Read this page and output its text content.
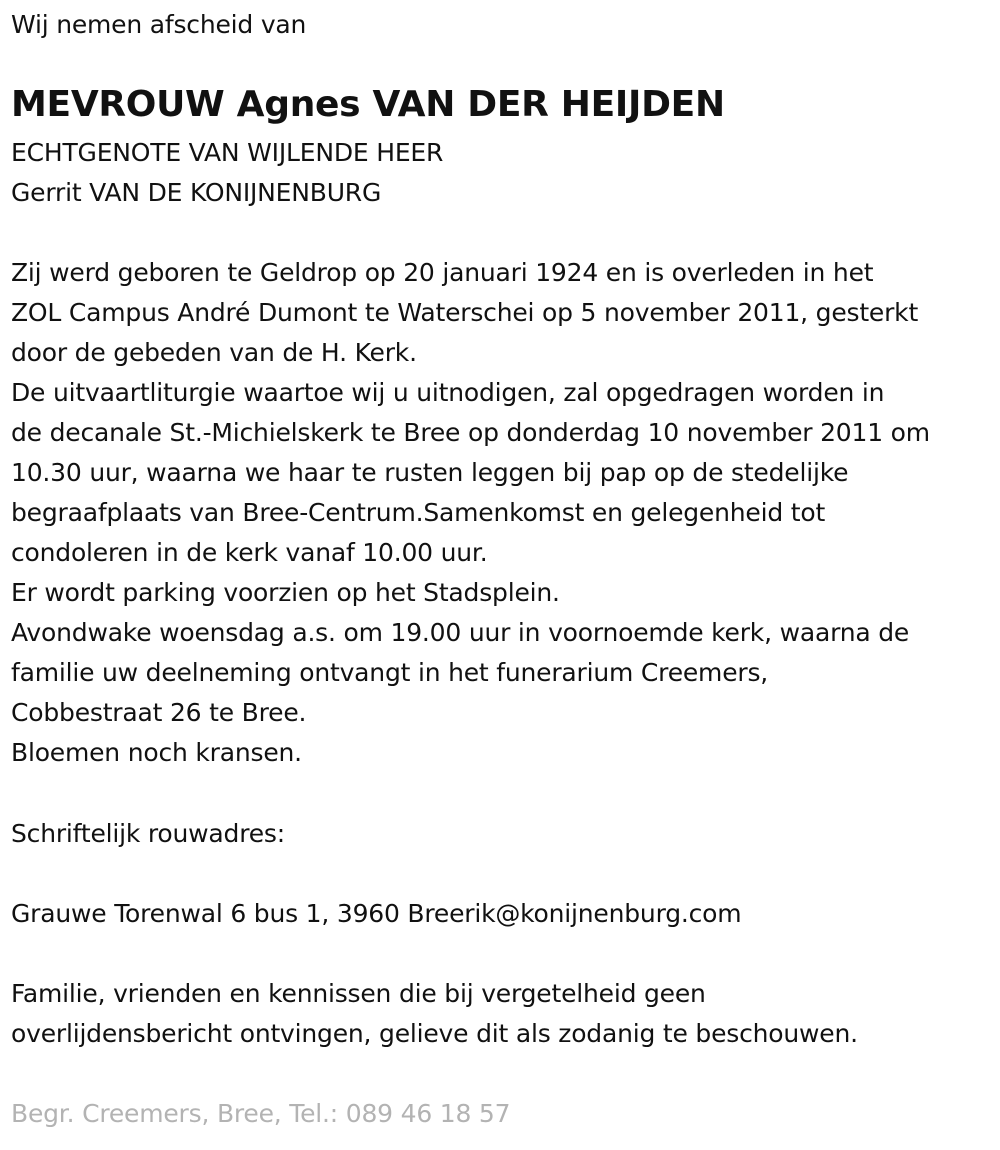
Wij nemen afscheid van
MEVROUW Agnes VAN DER HEIJDEN
ECHTGENOTE VAN WIJLENDE HEER
Gerrit VAN DE KONIJNENBURG
Zij werd geboren te Geldrop op 20 januari 1924 en is overleden in het
ZOL Campus André Dumont te Waterschei op 5 november 2011, gesterkt
door de gebeden van de H. Kerk.
De uitvaartliturgie waartoe wij u uitnodigen, zal opgedragen worden in
de decanale St.-Michielskerk te Bree op donderdag 10 november 2011 om
10.30 uur, waarna we haar te rusten leggen bij pap op de stedelijke
begraafplaats van Bree-Centrum.Samenkomst en gelegenheid tot
condoleren in de kerk vanaf 10.00 uur.
Er wordt parking voorzien op het Stadsplein.
Avondwake woensdag a.s. om 19.00 uur in voornoemde kerk, waarna de
familie uw deelneming ontvangt in het funerarium Creemers,
Cobbestraat 26 te Bree.
Bloemen noch kransen.
Schriftelijk rouwadres:
Grauwe Torenwal 6 bus 1, 3960 Breerik@konijnenburg.com
Familie, vrienden en kennissen die bij vergetelheid geen
overlijdensbericht ontvingen, gelieve dit als zodanig te beschouwen.
Begr. Creemers, Bree, Tel.: 089 46 18 57
